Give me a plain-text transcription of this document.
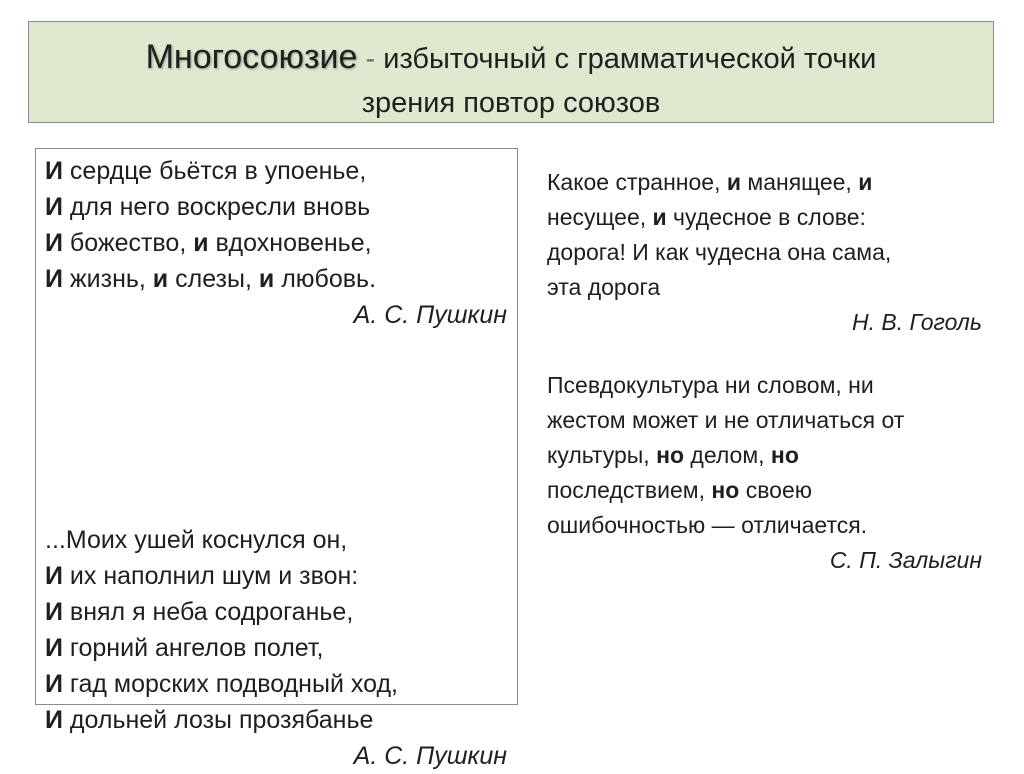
Многосоюзие - избыточный с грамматической точки
зрения повтор союзов
И сердце бьётся в упоенье,
И для него воскресли вновь
И божество, и вдохновенье,
И жизнь, и слезы, и любовь.
А. С. Пушкин
...Моих ушей коснулся он,
И их наполнил шум и звон:
И внял я неба содроганье,
И горний ангелов полет,
И гад морских подводный ход,
И дольней лозы прозябанье
А. С. Пушкин
Какое странное, и манящее, и
несущее, и чудесное в слове:
дорога! И как чудесна она сама,
эта дорога
Н. В. Гоголь
Псевдокультура ни словом, ни
жестом может и не отличаться от
культуры, но делом, но
последствием, но своею
ошибочностью — отличается.
С. П. Залыгин
